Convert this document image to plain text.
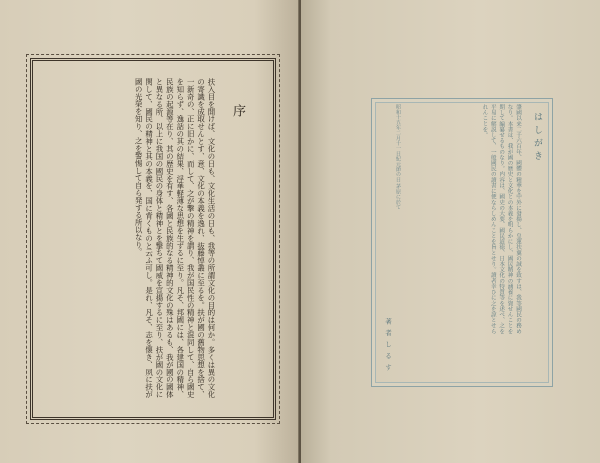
序
扶入目を開けば、文化の日も、文化生活の日も、我等の所謂文化の目的は何か。多くは異の文化の寄識を成取せんとす、意、文化の本義を逸れ、抜藤悼叢に至るを。扶が國の舊物思想を捨て、一新奇の、正に旧かに、而して、之が撃の精神を謂り、我が国民性の精神と混同して、自ら國史を知らず、逸話の其の結果、浮華軽薄な思想を生ずるに至り。凡そ、邦國には、各建国の精神、民族の起源等在り、其の歴史を有す、各國と民族的なる精神的文化の殊はあるも、我が國の國体と異なる所、以上に我国の國民の身体と精神とを撃ちて國威を宣揚するに至り、扶が國の文化に関して、國民の精神と其の本義を、国に背くものと云ふ可し。是れ、凡そ、志を懐き、夙に扶が國の光榮を知り、之を警惕して自ら発する所以なり。	はしがき
肇國以来二千六百年、國體の精華を中外に發揚し、皇運扶翼の誠を致すは、我等國民の務めなり。本書は、我が國の歴史と文化との本義を明らかにし、國民精神の涵養に資せんことを期して編纂せるものなり。内容は、國史の大要、國民道徳、日本文化の特質等を述べ、之を平易に解説して、一般國民の讀書に便ならしめんことを旨とせり。讀者幸ひに之を諒とせられんことを。
昭和十五年二月十一日紀元節の日 茅原に於て
著者しるす
